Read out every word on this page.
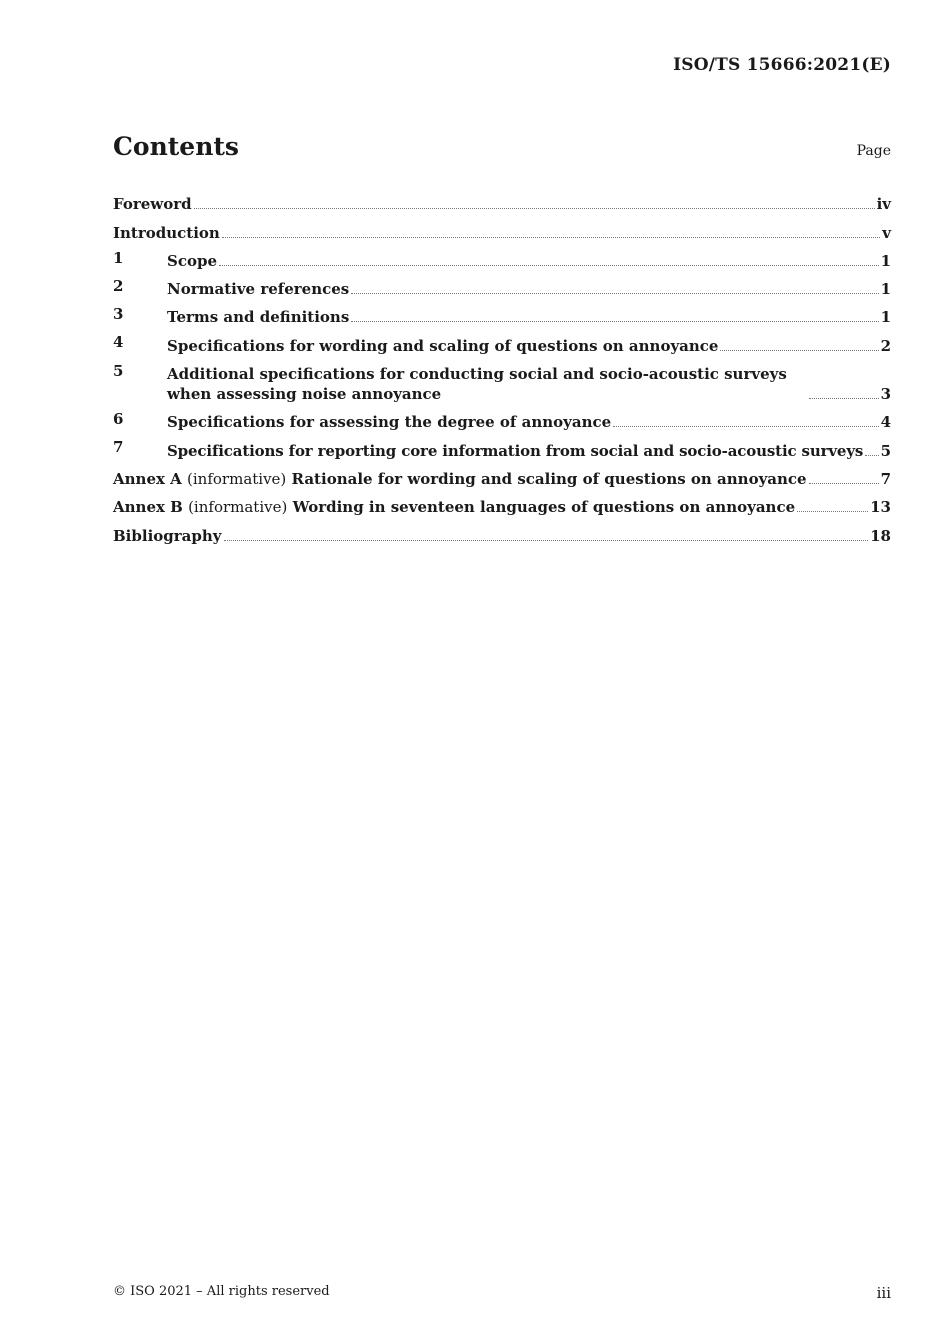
ISO/TS 15666:2021(E)
Contents	Page
Foreword	iv
Introduction	v
1	Scope	1
2	Normative references	1
3	Terms and definitions	1
4	Specifications for wording and scaling of questions on annoyance	2
5	Additional specifications for conducting social and socio-acoustic surveys when assessing noise annoyance	3
6	Specifications for assessing the degree of annoyance	4
7	Specifications for reporting core information from social and socio-acoustic surveys 5
Annex A (informative) Rationale for wording and scaling of questions on annoyance	7
Annex B (informative) Wording in seventeen languages of questions on annoyance	13
Bibliography	18
© ISO 2021 – All rights reserved	iii
